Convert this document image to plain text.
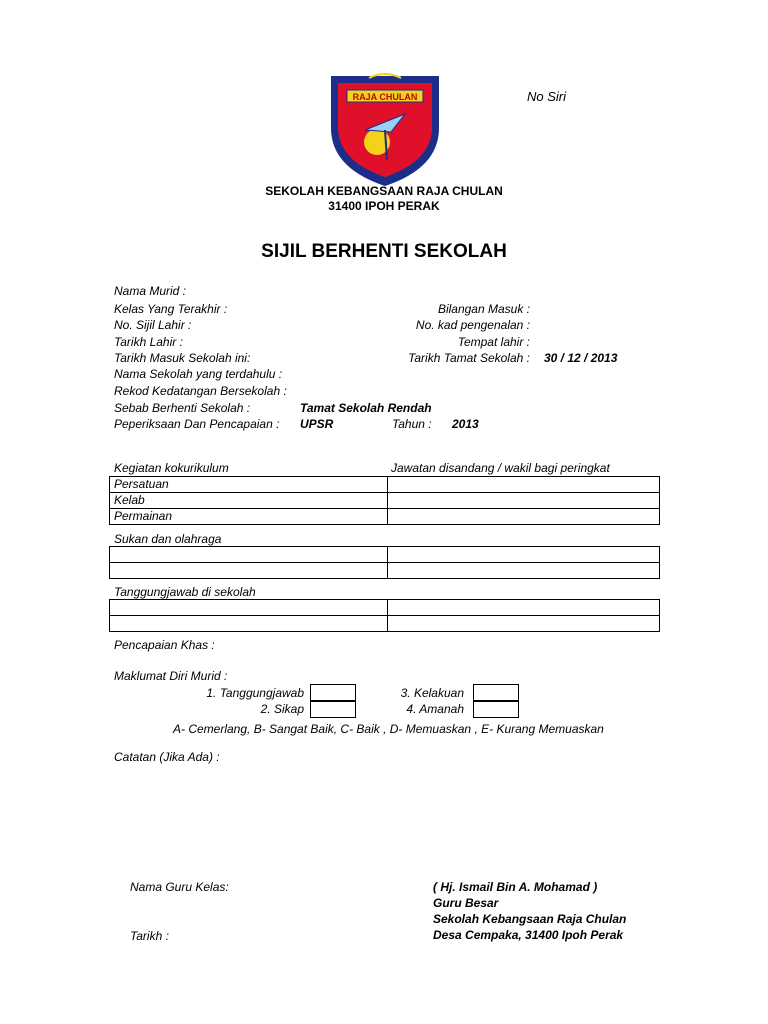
RAJA CHULAN	No Siri
SEKOLAH KEBANGSAAN RAJA CHULAN
31400 IPOH PERAK
SIJIL BERHENTI SEKOLAH
Nama Murid :
Kelas Yang Terakhir :	Bilangan Masuk :
No. Sijil Lahir :	No. kad pengenalan :
Tarikh Lahir :	Tempat lahir :
Tarikh Masuk Sekolah ini:	Tarikh Tamat Sekolah : 30 / 12 / 2013
Nama Sekolah yang terdahulu :
Rekod Kedatangan Bersekolah :
Sebab Berhenti Sekolah :	Tamat Sekolah Rendah
Peperiksaan Dan Pencapaian : UPSR	Tahun : 2013
Kegiatan kokurikulum	Jawatan disandang / wakil bagi peringkat
Persatuan	
Kelab	
Permainan	
Sukan dan olahraga

Tanggungjawab di sekolah

Pencapaian Khas :
Maklumat Diri Murid :
1. Tanggungjawab
2. Sikap
3. Kelakuan
4. Amanah
A- Cemerlang, B- Sangat Baik, C- Baik , D- Memuaskan , E- Kurang Memuaskan
Catatan (Jika Ada) :
Nama Guru Kelas:
Tarikh :
( Hj. Ismail Bin A. Mohamad )
Guru Besar
Sekolah Kebangsaan Raja Chulan
Desa Cempaka, 31400 Ipoh Perak
